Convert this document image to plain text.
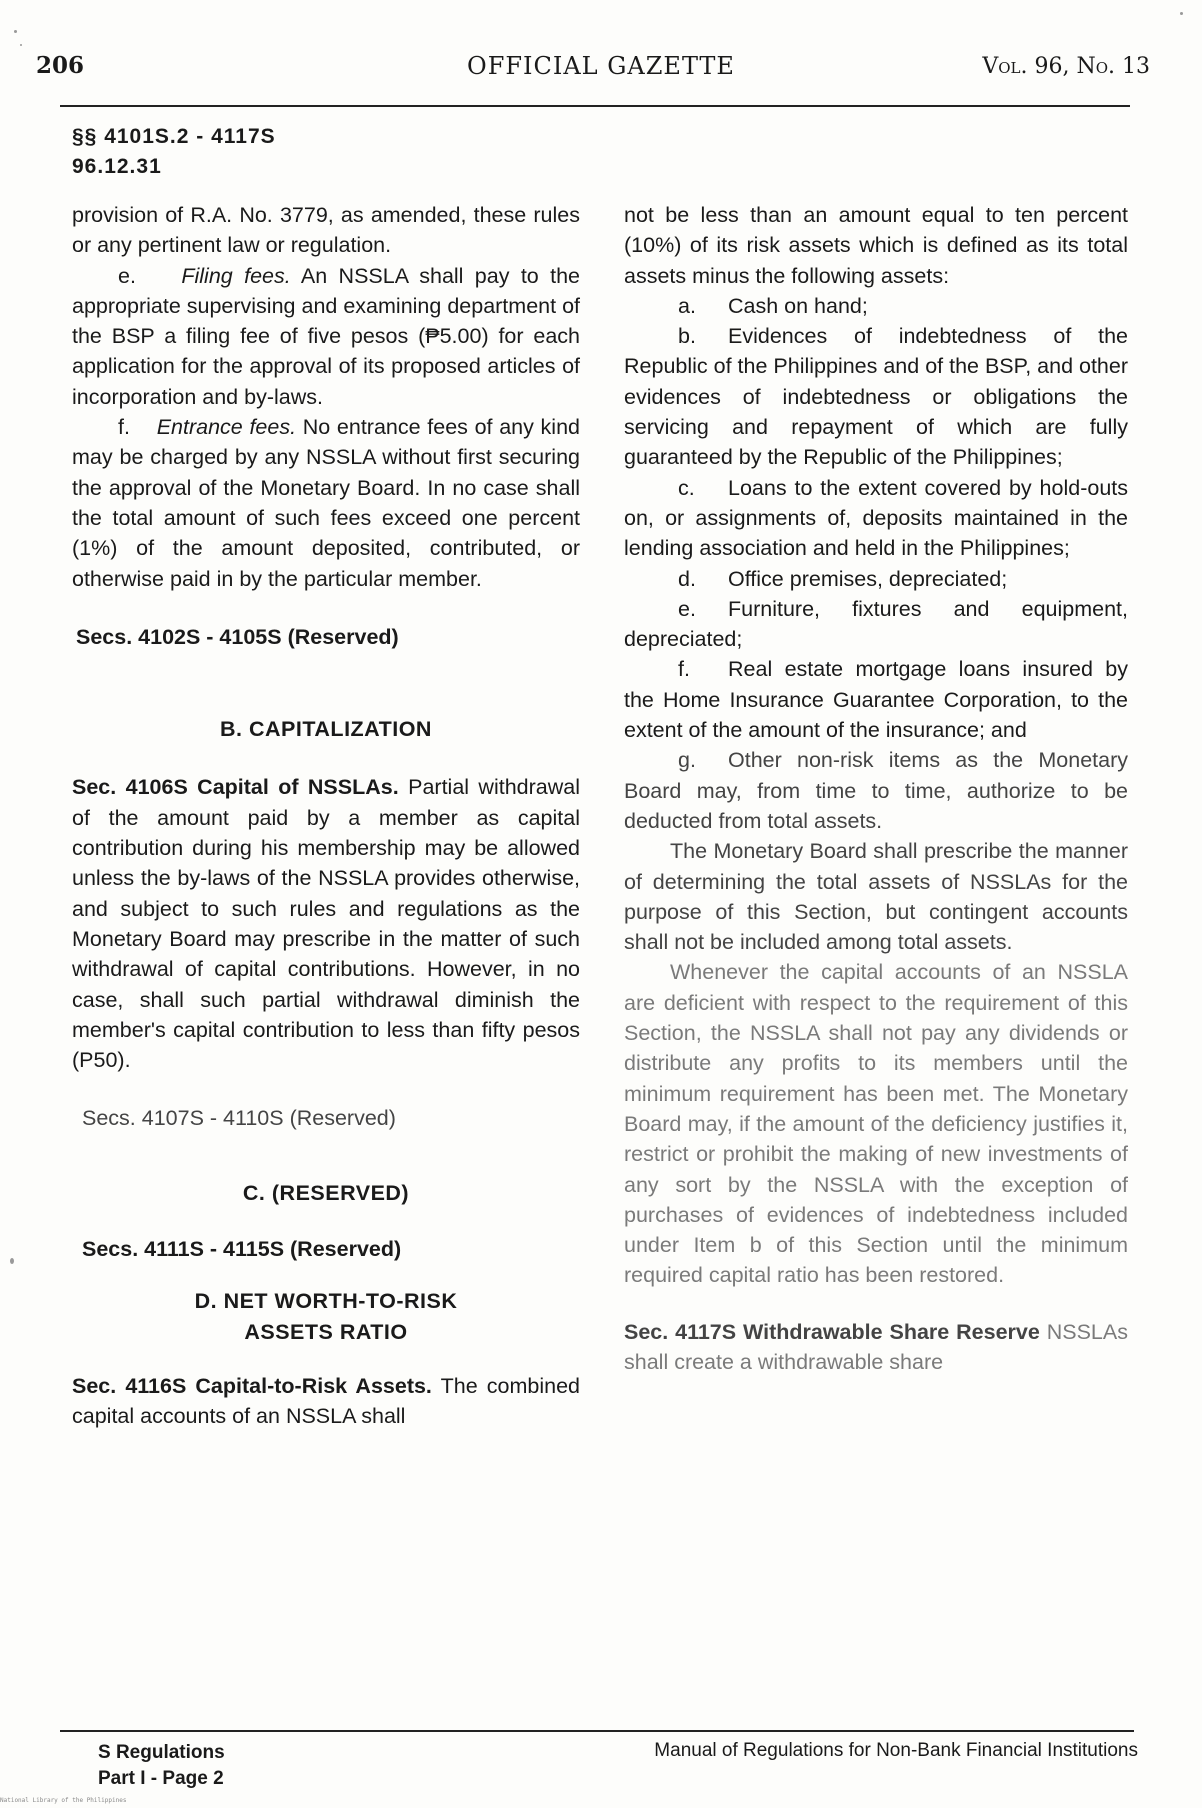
206	OFFICIAL GAZETTE	Vol. 96, No. 13
§§ 4101S.2 - 4117S
96.12.31

provision of R.A. No. 3779, as amended, these rules or any pertinent law or regulation.

e. Filing fees. An NSSLA shall pay to the appropriate supervising and examining department of the BSP a filing fee of five pesos (₱5.00) for each application for the approval of its proposed articles of incorporation and by-laws.

f. Entrance fees. No entrance fees of any kind may be charged by any NSSLA without first securing the approval of the Monetary Board. In no case shall the total amount of such fees exceed one percent (1%) of the amount deposited, contributed, or otherwise paid in by the particular member.

Secs. 4102S - 4105S (Reserved)
B. CAPITALIZATION

Sec. 4106S Capital of NSSLAs. Partial withdrawal of the amount paid by a member as capital contribution during his membership may be allowed unless the by-laws of the NSSLA provides otherwise, and subject to such rules and regulations as the Monetary Board may prescribe in the matter of such withdrawal of capital contributions. However, in no case, shall such partial withdrawal diminish the member's capital contribution to less than fifty pesos (P50).

Secs. 4107S - 4110S (Reserved)
C. (RESERVED)
Secs. 4111S - 4115S (Reserved)
D. NET WORTH-TO-RISK
ASSETS RATIO

Sec. 4116S Capital-to-Risk Assets. The combined capital accounts of an NSSLA shall

not be less than an amount equal to ten percent (10%) of its risk assets which is defined as its total assets minus the following assets:

a. Cash on hand;

b. Evidences of indebtedness of the Republic of the Philippines and of the BSP, and other evidences of indebtedness or obligations the servicing and repayment of which are fully guaranteed by the Republic of the Philippines;

c. Loans to the extent covered by hold-outs on, or assignments of, deposits maintained in the lending association and held in the Philippines;

d. Office premises, depreciated;

e. Furniture, fixtures and equipment, depreciated;

f. Real estate mortgage loans insured by the Home Insurance Guarantee Corporation, to the extent of the amount of the insurance; and

g. Other non-risk items as the Monetary Board may, from time to time, authorize to be deducted from total assets.

The Monetary Board shall prescribe the manner of determining the total assets of NSSLAs for the purpose of this Section, but contingent accounts shall not be included among total assets.

Whenever the capital accounts of an NSSLA are deficient with respect to the requirement of this Section, the NSSLA shall not pay any dividends or distribute any profits to its members until the minimum requirement has been met. The Monetary Board may, if the amount of the deficiency justifies it, restrict or prohibit the making of new investments of any sort by the NSSLA with the exception of purchases of evidences of indebtedness included under Item b of this Section until the minimum required capital ratio has been restored.

Sec. 4117S Withdrawable Share Reserve NSSLAs shall create a withdrawable share

S Regulations
Part I - Page 2
Manual of Regulations for Non-Bank Financial Institutions
National Library of the Philippines
